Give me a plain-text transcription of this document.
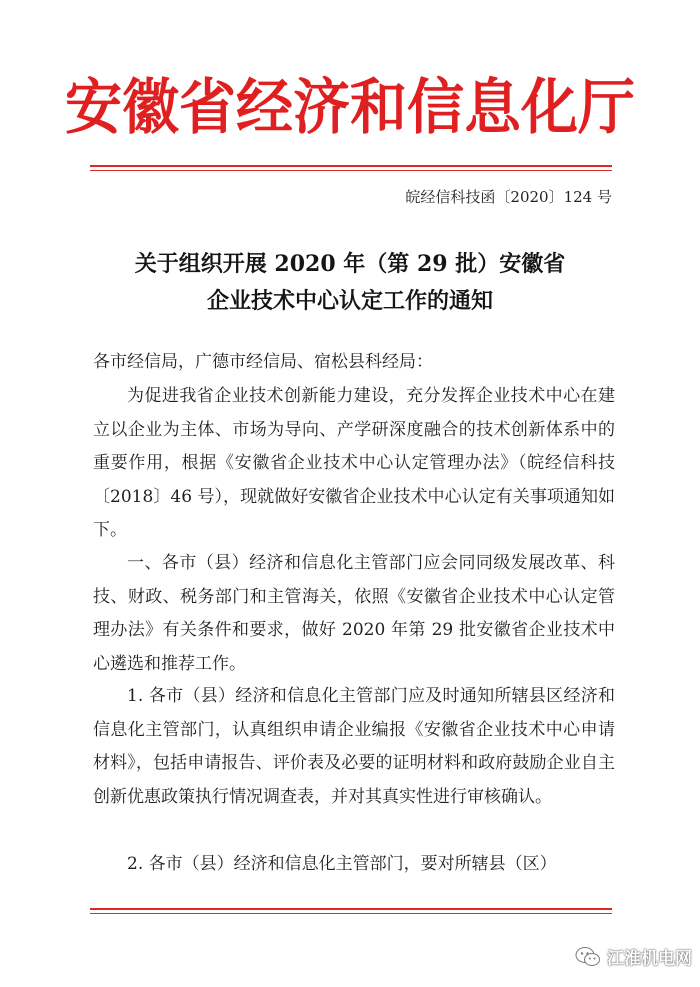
安徽省经济和信息化厅
皖经信科技函〔2020〕124 号
关于组织开展 2020 年（第 29 批）安徽省
企业技术中心认定工作的通知
各市经信局，广德市经信局、宿松县科经局：
为促进我省企业技术创新能力建设，充分发挥企业技术中心在建立以企业为主体、市场为导向、产学研深度融合的技术创新体系中的重要作用，根据《安徽省企业技术中心认定管理办法》（皖经信科技〔2018〕46 号），现就做好安徽省企业技术中心认定有关事项通知如下。
一、各市（县）经济和信息化主管部门应会同同级发展改革、科技、财政、税务部门和主管海关，依照《安徽省企业技术中心认定管理办法》有关条件和要求，做好 2020 年第 29 批安徽省企业技术中心遴选和推荐工作。
1. 各市（县）经济和信息化主管部门应及时通知所辖县区经济和信息化主管部门，认真组织申请企业编报《安徽省企业技术中心申请材料》，包括申请报告、评价表及必要的证明材料和政府鼓励企业自主创新优惠政策执行情况调查表，并对其真实性进行审核确认。
2. 各市（县）经济和信息化主管部门，要对所辖县（区）
江淮机电网
